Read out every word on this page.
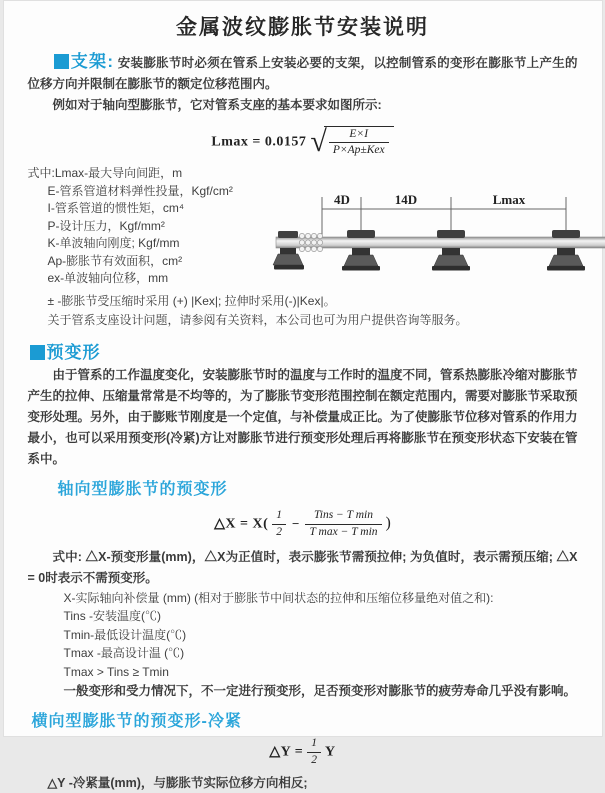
金属波纹膨胀节安装说明

支架: 安装膨胀节时必须在管系上安装必要的支架，以控制管系的变形在膨胀节上产生的位移方向并限制在膨胀节的额定位移范围内。

例如对于轴向型膨胀节，它对管系支座的基本要求如图所示:

Lmax = 0.0157 √	E×I
P×Ap±Kex
式中:Lmax-最大导向间距，m
E-管系管道材料弹性投量，Kgf/cm²
I-管系管道的惯性矩，cm⁴
P-设计压力，Kgf/mm²
K-单波轴向刚度; Kgf/mm
Ap-膨胀节有效面积，cm²
ex-单波轴向位移，mm
4D	14D	Lmax

± -膨胀节受压缩时采用 (+) |Kex|; 拉伸时采用(-)|Kex|。

关于管系支座设计问题，请参阅有关资料，本公司也可为用户提供咨询等服务。

预变形

由于管系的工作温度变化，安装膨胀节时的温度与工作时的温度不同，管系热膨胀冷缩对膨胀节产生的拉伸、压缩量常常是不均等的，为了膨胀节变形范围控制在额定范围内，需要对膨胀节采取预变形处理。另外，由于膨账节刚度是一个定值，与补偿量成正比。为了使膨胀节位移对管系的作用力最小，也可以采用预变形(冷紧)方让对膨胀节进行预变形处理后再将膨胀节在预变形状态下安装在管系中。

轴向型膨胀节的预变形
△X = $X( \frac{1}{2}$ −
Tins − T min
T max − T min )

式中: △X-预变形量(mm)，△X为正值时，表示膨张节需预拉伸; 为负值时，表示需预压缩; △X = 0时表示不需预变形。

X-实际轴向补偿量 (mm) (相对于膨胀节中间状态的拉伸和压缩位移量绝对值之和):
Tins -安装温度(℃)
Tmin-最低设计温度(℃)
Tmax -最高设计温 (℃)
Tmax > Tins ≥ Tmin
一般变形和受力情况下，不一定进行预变形，足否预变形对膨胀节的疲劳寿命几乎没有影响。
横向型膨胀节的预变形-冷紧
△Y = $\frac{1}{2}$ Y

△Y -冷紧量(mm)，与膨胀节实际位移方向相反;
